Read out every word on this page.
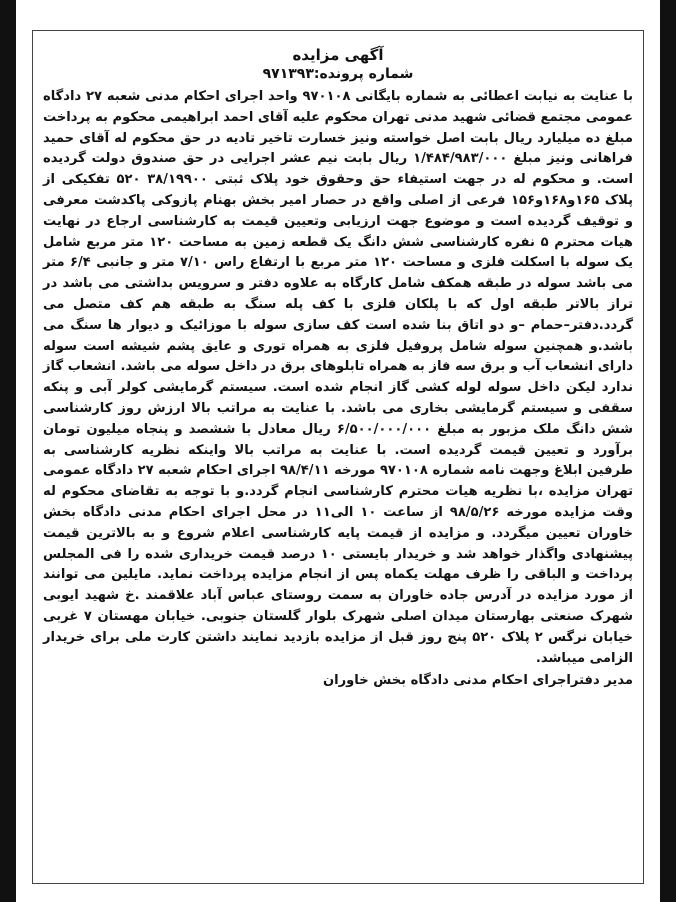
آگهی مزایده
شماره پرونده:۹۷۱۳۹۳

با عنایت به نیابت اعطائی به شماره بایگانی ۹۷۰۱۰۸ واحد اجرای احکام مدنی شعبه ۲۷ دادگاه عمومی مجتمع قضائی شهید مدنی تهران محکوم علیه آقای احمد ابراهیمی محکوم به پرداخت مبلغ ده میلیارد ریال بابت اصل خواسته ونیز خسارت تاخیر تادیه در حق محکوم له آقای حمید فراهانی ونیز مبلغ ۱/۴۸۴/۹۸۳/۰۰۰ ریال بابت نیم عشر اجرایی در حق صندوق دولت گردیده است. و محکوم له در جهت استیفاء حق وحقوق خود پلاک ثبتی ۳۸/۱۹۹۰۰ ۵۲۰ تفکیکی از پلاک ۱۶۵و۱۶۸و۱۵۶ فرعی از اصلی واقع در حصار امیر بخش بهنام پازوکی پاکدشت معرفی و توقیف گردیده است و موضوع جهت ارزیابی وتعیین قیمت به کارشناسی ارجاع در نهایت هیات محترم ۵ نفره کارشناسی شش دانگ یک قطعه زمین به مساحت ۱۲۰ متر مربع شامل یک سوله با اسکلت فلزی و مساحت ۱۲۰ متر مربع با ارتفاع راس ۷/۱۰ متر و جانبی ۶/۴ متر می باشد سوله در طبقه همکف شامل کارگاه به علاوه دفتر و سرویس بداشتی می باشد در تراز بالاتر طبقه اول که با پلکان فلزی با کف پله سنگ به طبقه هم کف متصل می گردد.دفتر–حمام –و دو اتاق بنا شده است کف سازی سوله با موزائیک و دیوار ها سنگ می باشد.و همچنین سوله شامل پروفیل فلزی به همراه توری و عایق پشم شیشه است سوله دارای انشعاب آب و برق سه فاز به همراه تابلوهای برق در داخل سوله می باشد. انشعاب گاز ندارد لیکن داخل سوله لوله کشی گاز انجام شده است. سیستم گرمایشی کولر آبی و پنکه سقفی و سیستم گرمایشی بخاری می باشد. با عنایت به مراتب بالا ارزش روز کارشناسی شش دانگ ملک مزبور به مبلغ ۶/۵۰۰/۰۰۰/۰۰۰ ریال معادل با ششصد و پنجاه میلیون تومان برآورد و تعیین قیمت گردیده است. با عنایت به مراتب بالا واینکه نظریه کارشناسی به طرفین ابلاغ وجهت نامه شماره ۹۷۰۱۰۸ مورخه ۹۸/۴/۱۱ اجرای احکام شعبه ۲۷ دادگاه عمومی تهران مزایده ،با نظریه هیات محترم کارشناسی انجام گردد.و با توجه به تقاضای محکوم له وقت مزایده مورخه ۹۸/۵/۲۶ از ساعت ۱۰ الی۱۱ در محل اجرای احکام مدنی دادگاه بخش خاوران تعیین میگردد. و مزایده از قیمت پایه کارشناسی اعلام شروع و به بالاترین قیمت پیشنهادی واگذار خواهد شد و خریدار بایستی ۱۰ درصد قیمت خریداری شده را فی المجلس پرداخت و الباقی را ظرف مهلت یکماه پس از انجام مزایده پرداخت نماید. مایلین می توانند از مورد مزایده در آدرس جاده خاوران به سمت روستای عباس آباد علاقمند .خ شهید ایوبی شهرک صنعتی بهارستان میدان اصلی شهرک بلوار گلستان جنوبی. خیابان مهستان ۷ غربی خیابان نرگس ۲ پلاک ۵۲۰ پنج روز قبل از مزایده بازدید نمایند داشتن کارت ملی برای خریدار الزامی میباشد.

مدیر دفتراجرای احکام مدنی دادگاه بخش خاوران
